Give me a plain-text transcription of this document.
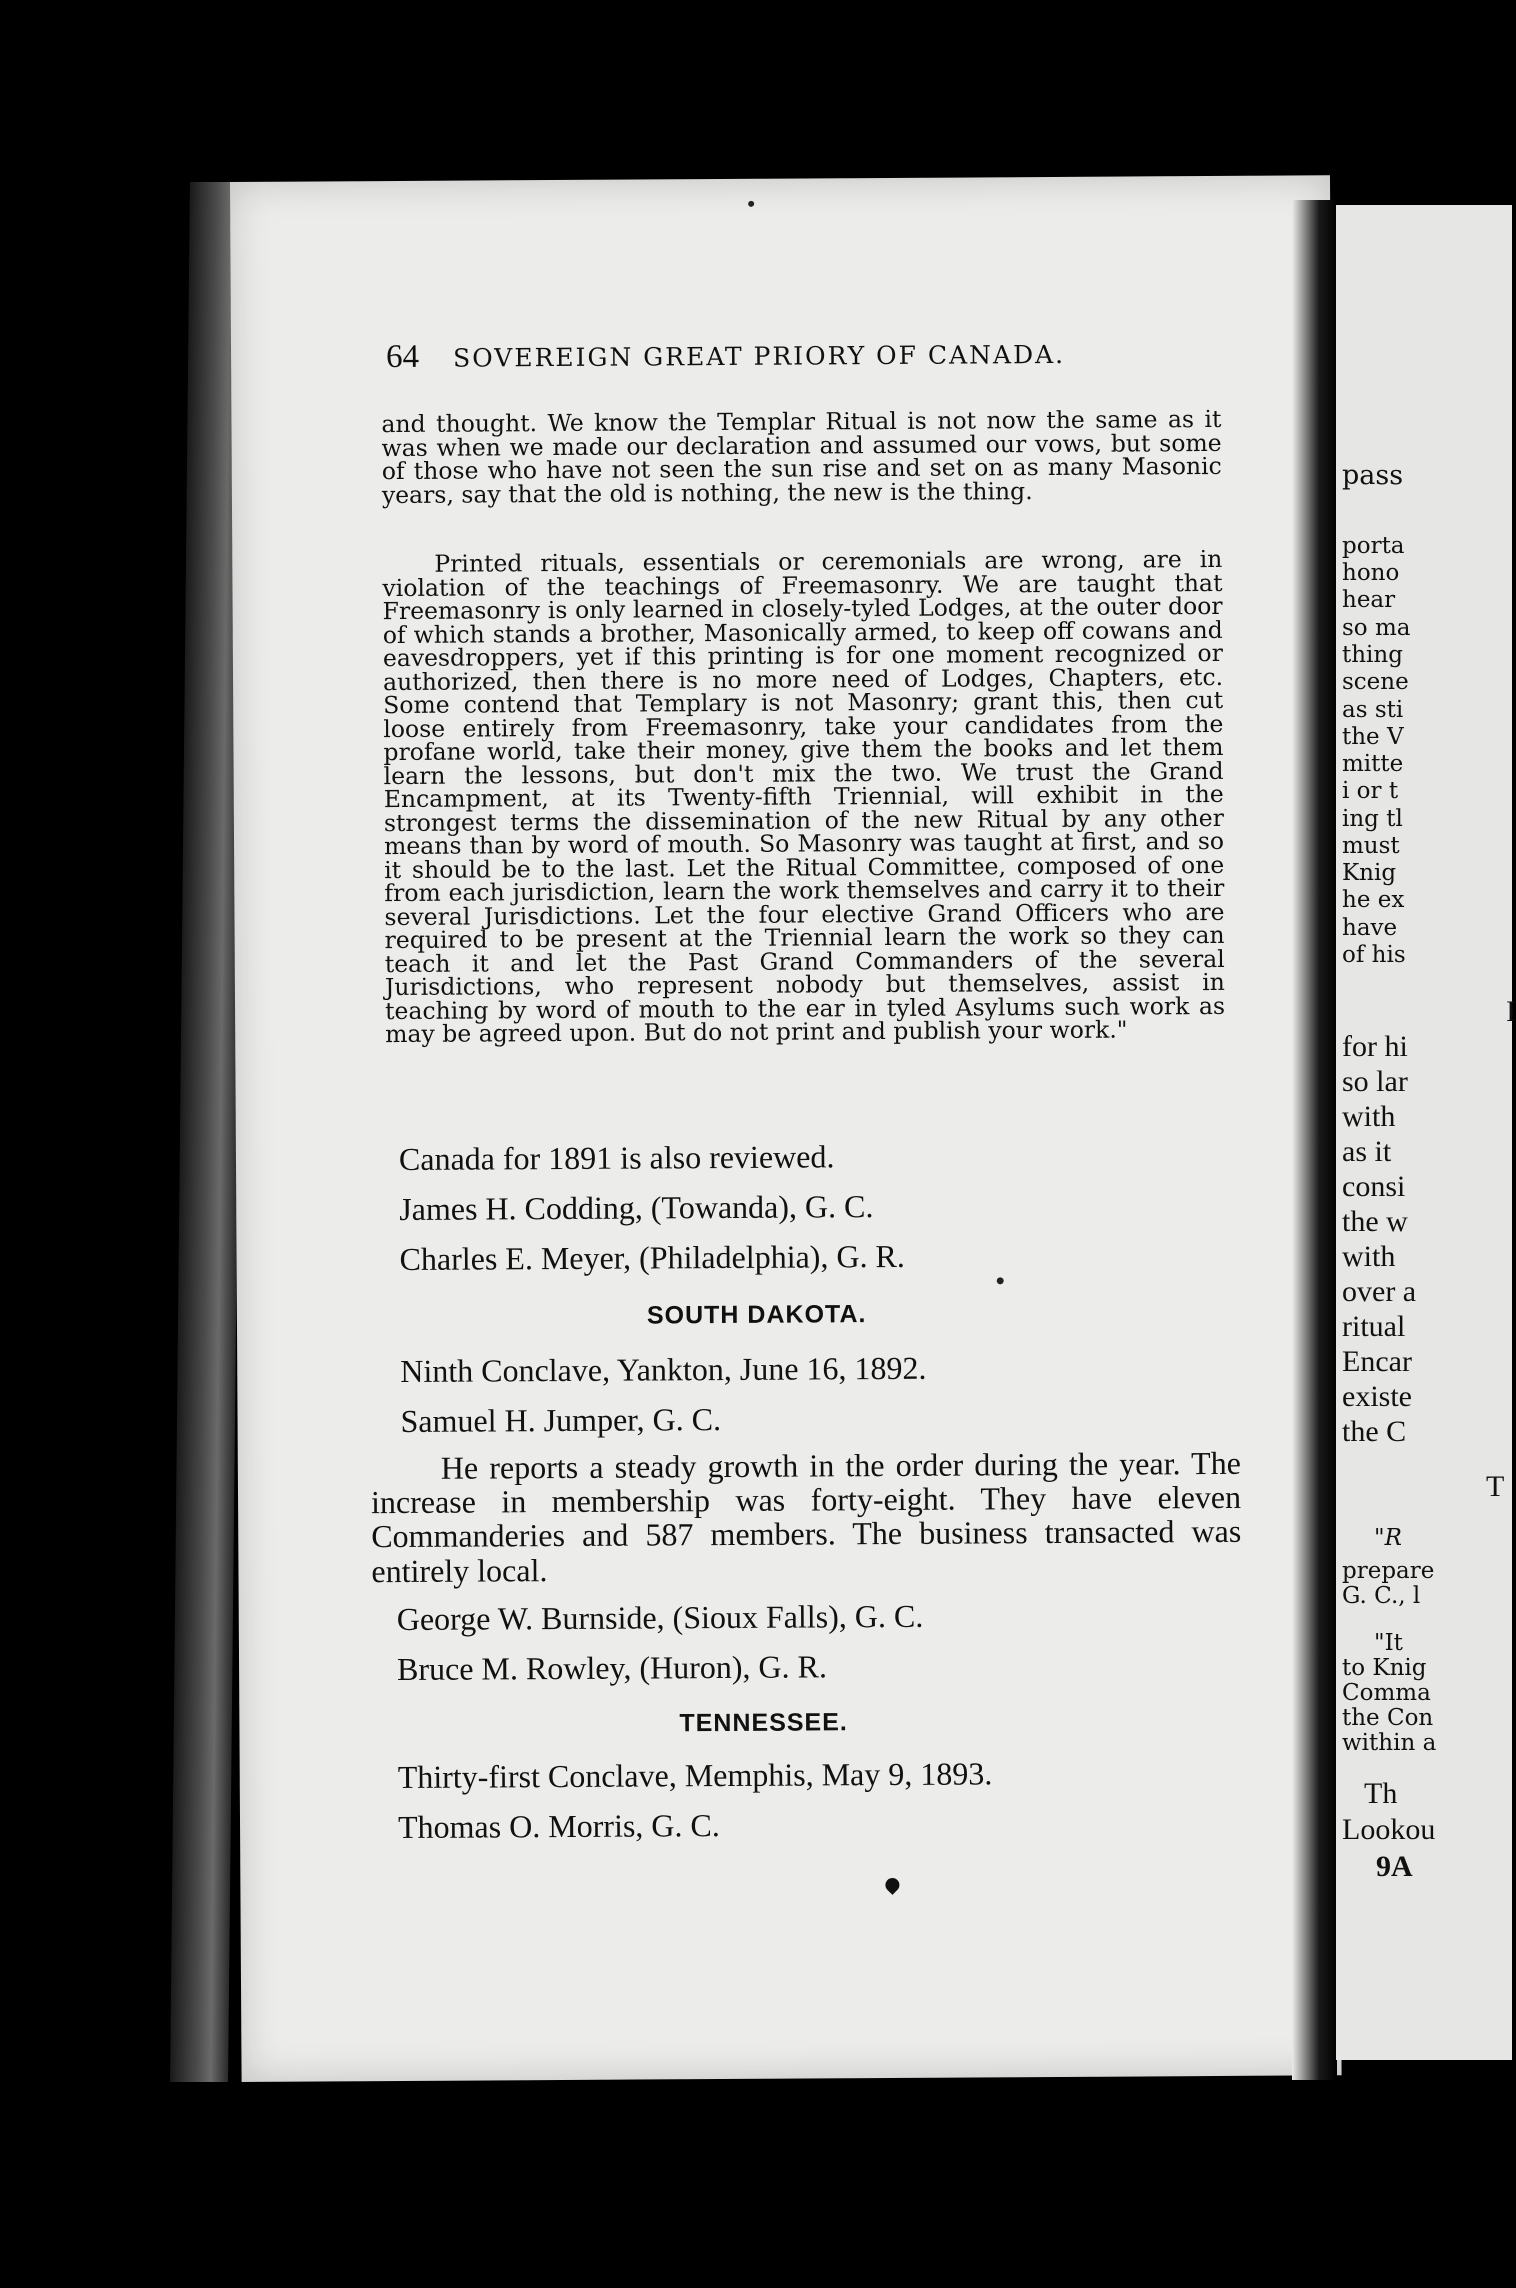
64 SOVEREIGN GREAT PRIORY OF CANADA.
and thought. We know the Templar Ritual is not now the same as it was when we made our declaration and assumed our vows, but some of those who have not seen the sun rise and set on as many Masonic years, say that the old is nothing, the new is the thing.
Printed rituals, essentials or ceremonials are wrong, are in violation of the teachings of Freemasonry. We are taught that Freemasonry is only learned in closely-tyled Lodges, at the outer door of which stands a brother, Masonically armed, to keep off cowans and eavesdroppers, yet if this printing is for one moment recognized or authorized, then there is no more need of Lodges, Chapters, etc. Some contend that Templary is not Masonry; grant this, then cut loose entirely from Freemasonry, take your candidates from the profane world, take their money, give them the books and let them learn the lessons, but don't mix the two. We trust the Grand Encampment, at its Twenty-fifth Triennial, will exhibit in the strongest terms the dissemination of the new Ritual by any other means than by word of mouth. So Masonry was taught at first, and so it should be to the last. Let the Ritual Committee, composed of one from each jurisdiction, learn the work themselves and carry it to their several Jurisdictions. Let the four elective Grand Officers who are required to be present at the Triennial learn the work so they can teach it and let the Past Grand Commanders of the several Jurisdictions, who represent nobody but themselves, assist in teaching by word of mouth to the ear in tyled Asylums such work as may be agreed upon. But do not print and publish your work."
Canada for 1891 is also reviewed.
James H. Codding, (Towanda), G. C.
Charles E. Meyer, (Philadelphia), G. R.
SOUTH DAKOTA.
Ninth Conclave, Yankton, June 16, 1892.
Samuel H. Jumper, G. C.
He reports a steady growth in the order during the year. The increase in membership was forty-eight. They have eleven Commanderies and 587 members. The business transacted was entirely local.
George W. Burnside, (Sioux Falls), G. C.
Bruce M. Rowley, (Huron), G. R.
TENNESSEE.
Thirty-first Conclave, Memphis, May 9, 1893.
Thomas O. Morris, G. C.
pass
porta
hono
hear
so ma
thing
scene
as sti
the V
mitte
i or t
ing tl
must
Knig
he ex
have
of his
I
for hi
so lar
with
as it
consi
the w
with
over a
ritual
Encar
existe
the C
T
"R
prepare
G. C., l
"It
to Knig
Comma
the Con
within a
Th
Lookou
9A
